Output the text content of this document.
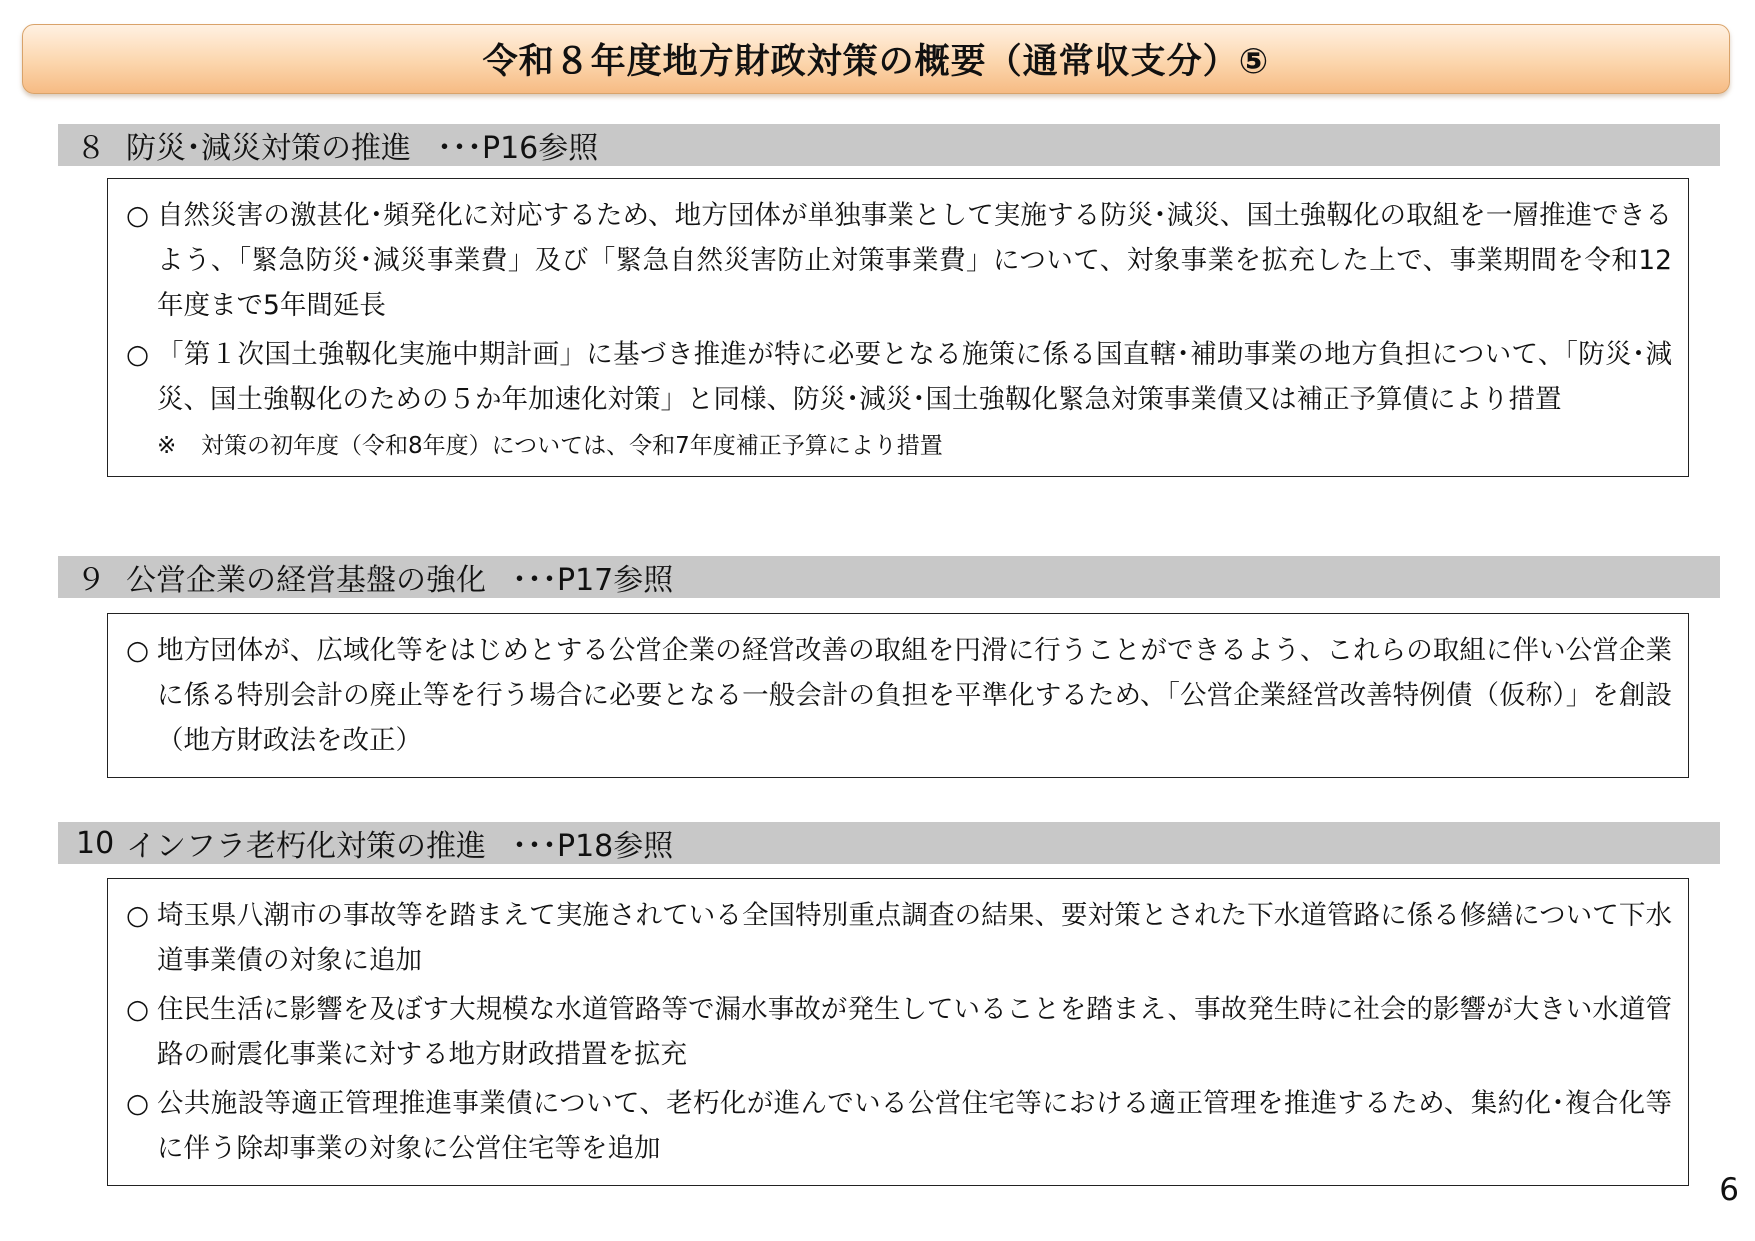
令和８年度地方財政対策の概要（通常収支分）⑤
８ 防災･減災対策の推進 ･･･P16参照
○ 自然災害の激甚化･頻発化に対応するため、地方団体が単独事業として実施する防災･減災、国土強靱化の取組を一層推進できるよう、「緊急防災･減災事業費」及び「緊急自然災害防止対策事業費」について、対象事業を拡充した上で、事業期間を令和12年度まで5年間延長
○ 「第１次国土強靱化実施中期計画」に基づき推進が特に必要となる施策に係る国直轄･補助事業の地方負担について、「防災･減災、国土強靱化のための５か年加速化対策」と同様、防災･減災･国土強靱化緊急対策事業債又は補正予算債により措置
※ 対策の初年度（令和8年度）については、令和7年度補正予算により措置
９ 公営企業の経営基盤の強化 ･･･P17参照
○ 地方団体が、広域化等をはじめとする公営企業の経営改善の取組を円滑に行うことができるよう、これらの取組に伴い公営企業に係る特別会計の廃止等を行う場合に必要となる一般会計の負担を平準化するため、「公営企業経営改善特例債（仮称）」を創設（地方財政法を改正）
10 インフラ老朽化対策の推進 ･･･P18参照
○ 埼玉県八潮市の事故等を踏まえて実施されている全国特別重点調査の結果、要対策とされた下水道管路に係る修繕について下水道事業債の対象に追加
○ 住民生活に影響を及ぼす大規模な水道管路等で漏水事故が発生していることを踏まえ、事故発生時に社会的影響が大きい水道管路の耐震化事業に対する地方財政措置を拡充
○ 公共施設等適正管理推進事業債について、老朽化が進んでいる公営住宅等における適正管理を推進するため、集約化･複合化等に伴う除却事業の対象に公営住宅等を追加
6
